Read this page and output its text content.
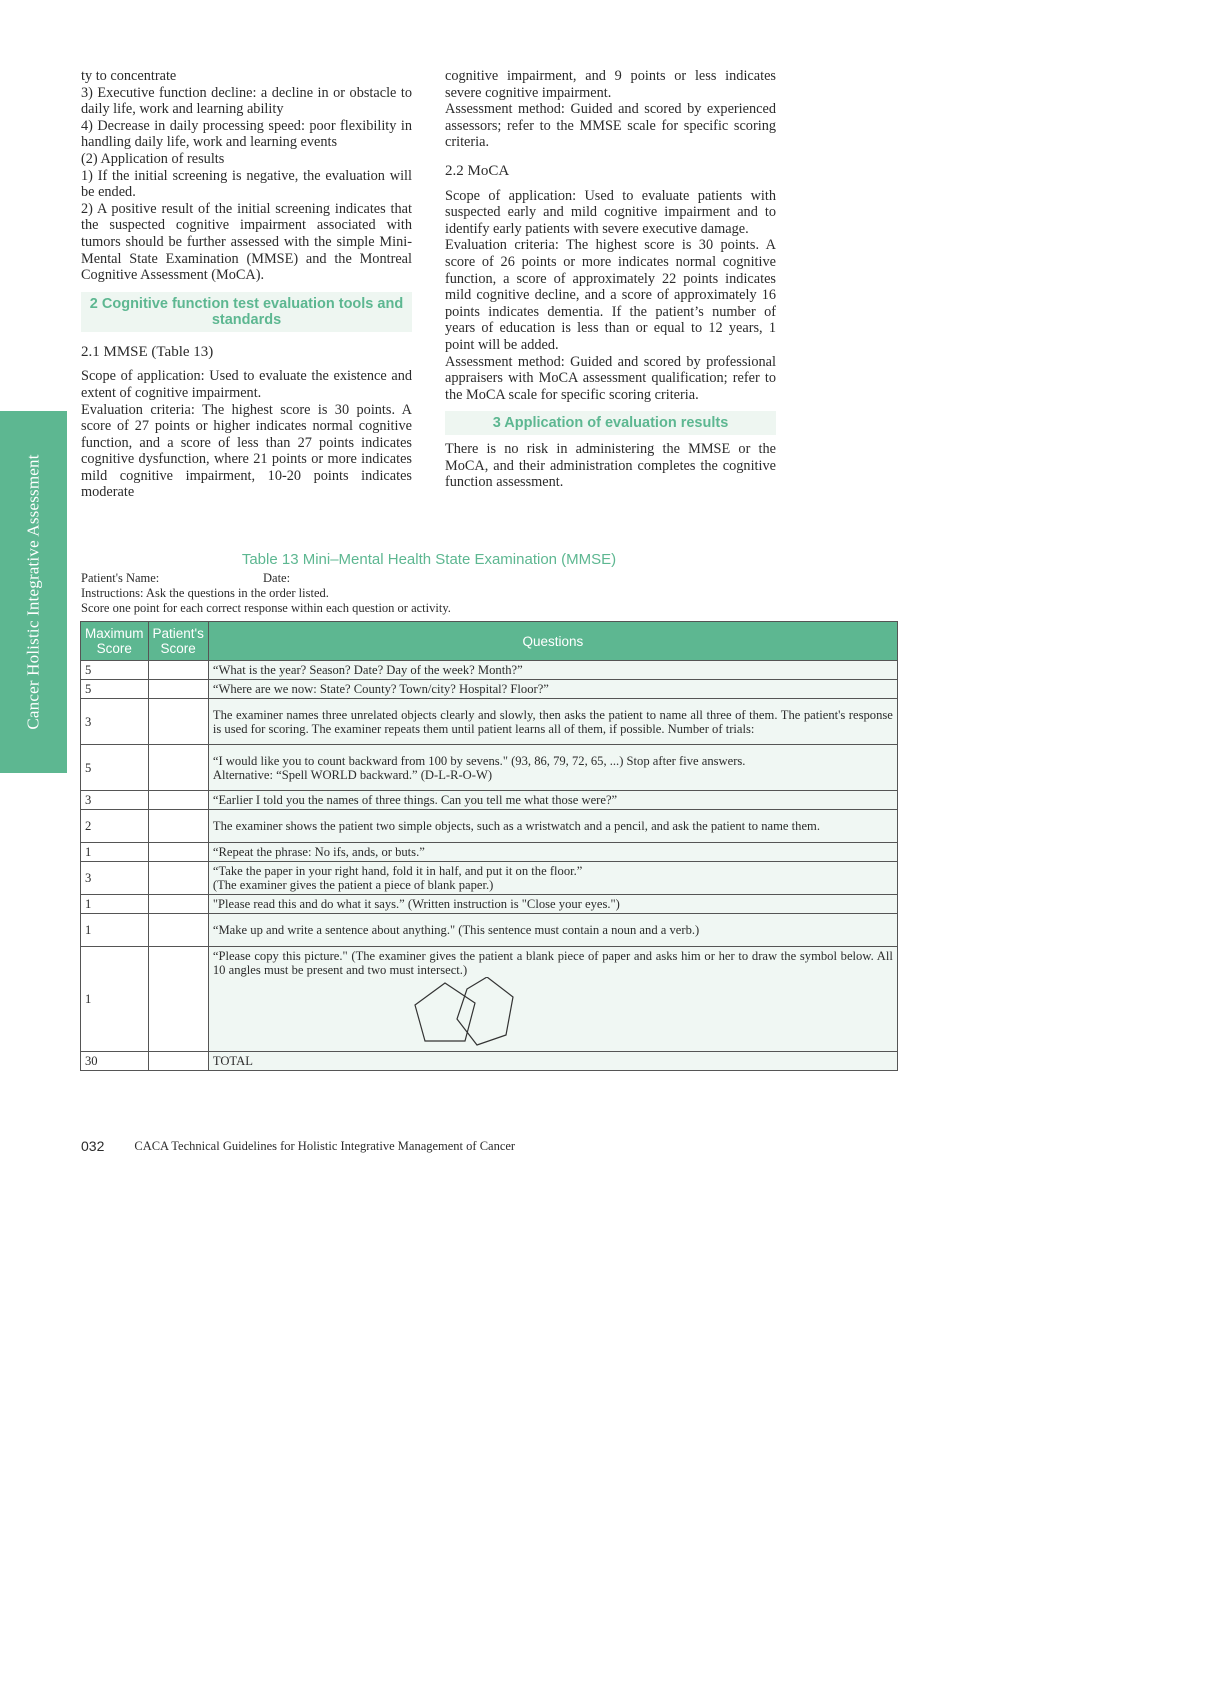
Cancer Holistic Integrative Assessment

ty to concentrate

3) Executive function decline: a decline in or obstacle to daily life, work and learning ability

4) Decrease in daily processing speed: poor flexibility in handling daily life, work and learning events

(2) Application of results

1) If the initial screening is negative, the evaluation will be ended.

2) A positive result of the initial screening indicates that the suspected cognitive impairment associated with tumors should be further assessed with the simple Mini-Mental State Examination (MMSE) and the Montreal Cognitive Assessment (MoCA).

2 Cognitive function test evaluation tools and standards

2.1 MMSE (Table 13)

Scope of application: Used to evaluate the existence and extent of cognitive impairment.

Evaluation criteria: The highest score is 30 points. A score of 27 points or higher indicates normal cognitive function, and a score of less than 27 points indicates cognitive dysfunction, where 21 points or more indicates mild cognitive impairment, 10-20 points indicates moderate

cognitive impairment, and 9 points or less indicates severe cognitive impairment.

Assessment method: Guided and scored by experienced assessors; refer to the MMSE scale for specific scoring criteria.

2.2 MoCA

Scope of application: Used to evaluate patients with suspected early and mild cognitive impairment and to identify early patients with severe executive damage.

Evaluation criteria: The highest score is 30 points. A score of 26 points or more indicates normal cognitive function, a score of approximately 22 points indicates mild cognitive decline, and a score of approximately 16 points indicates dementia. If the patient’s number of years of education is less than or equal to 12 years, 1 point will be added.

Assessment method: Guided and scored by professional appraisers with MoCA assessment qualification; refer to the MoCA scale for specific scoring criteria.

3 Application of evaluation results

There is no risk in administering the MMSE or the MoCA, and their administration completes the cognitive function assessment.

Table 13 Mini–Mental Health State Examination (MMSE)
Patient's Name:	Date:
Instructions: Ask the questions in the order listed.
Score one point for each correct response within each question or activity.
Maximum Score	Patient's Score	Questions
5		“What is the year? Season? Date? Day of the week? Month?”

5		“Where are we now: State? County? Town/city? Hospital? Floor?”

3		The examiner names three unrelated objects clearly and slowly, then asks the patient to name all three of them. The patient's response is used for scoring. The examiner repeats them until patient learns all of them, if possible. Number of trials:

5		“I would like you to count backward from 100 by sevens." (93, 86, 79, 72, 65, ...) Stop after five answers.
Alternative: “Spell WORLD backward.” (D-L-R-O-W)

3		“Earlier I told you the names of three things. Can you tell me what those were?”

2		The examiner shows the patient two simple objects, such as a wristwatch and a pencil, and ask the patient to name them.

1		“Repeat the phrase: No ifs, ands, or buts.”

3		“Take the paper in your right hand, fold it in half, and put it on the floor.”
(The examiner gives the patient a piece of blank paper.)

1		"Please read this and do what it says.” (Written instruction is "Close your eyes.")

1		“Make up and write a sentence about anything." (This sentence must contain a noun and a verb.)

1		“Please copy this picture." (The examiner gives the patient a blank piece of paper and asks him or her to draw the symbol below. All 10 angles must be present and two must intersect.)

30		TOTAL
032 CACA Technical Guidelines for Holistic Integrative Management of Cancer
